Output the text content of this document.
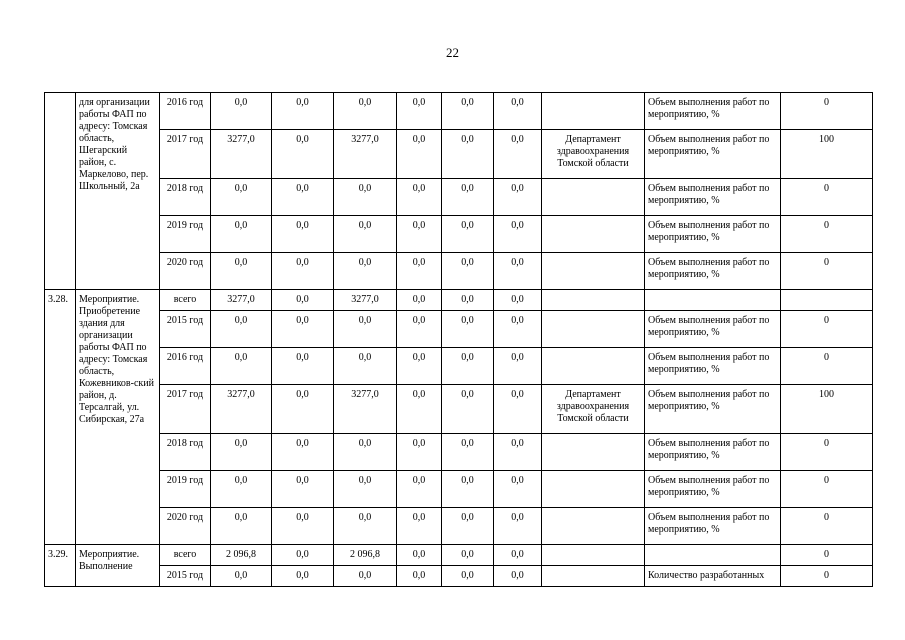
22
	для организации работы ФАП по адресу: Томская область, Шегарский район, с. Маркелово, пер. Школьный, 2а	2016 год	0,0	0,0	0,0	0,0	0,0	0,0		Объем выполнения работ по мероприятию, %	0
		2017 год	3277,0	0,0	3277,0	0,0	0,0	0,0	Департамент здравоохранения Томской области	Объем выполнения работ по мероприятию, %	100
		2018 год	0,0	0,0	0,0	0,0	0,0	0,0		Объем выполнения работ по мероприятию, %	0
		2019 год	0,0	0,0	0,0	0,0	0,0	0,0		Объем выполнения работ по мероприятию, %	0
		2020 год	0,0	0,0	0,0	0,0	0,0	0,0		Объем выполнения работ по мероприятию, %	0
3.28.	Мероприятие. Приобретение здания для организации работы ФАП по адресу: Томская область, Кожевников-ский район, д. Терсалгай, ул. Сибирская, 27а	всего	3277,0	0,0	3277,0	0,0	0,0	0,0			
		2015 год	0,0	0,0	0,0	0,0	0,0	0,0		Объем выполнения работ по мероприятию, %	0
		2016 год	0,0	0,0	0,0	0,0	0,0	0,0		Объем выполнения работ по мероприятию, %	0
		2017 год	3277,0	0,0	3277,0	0,0	0,0	0,0	Департамент здравоохранения Томской области	Объем выполнения работ по мероприятию, %	100
		2018 год	0,0	0,0	0,0	0,0	0,0	0,0		Объем выполнения работ по мероприятию, %	0
		2019 год	0,0	0,0	0,0	0,0	0,0	0,0		Объем выполнения работ по мероприятию, %	0
		2020 год	0,0	0,0	0,0	0,0	0,0	0,0		Объем выполнения работ по мероприятию, %	0
3.29.	Мероприятие. Выполнение	всего	2 096,8	0,0	2 096,8	0,0	0,0	0,0			0
		2015 год	0,0	0,0	0,0	0,0	0,0	0,0		Количество разработанных	0
